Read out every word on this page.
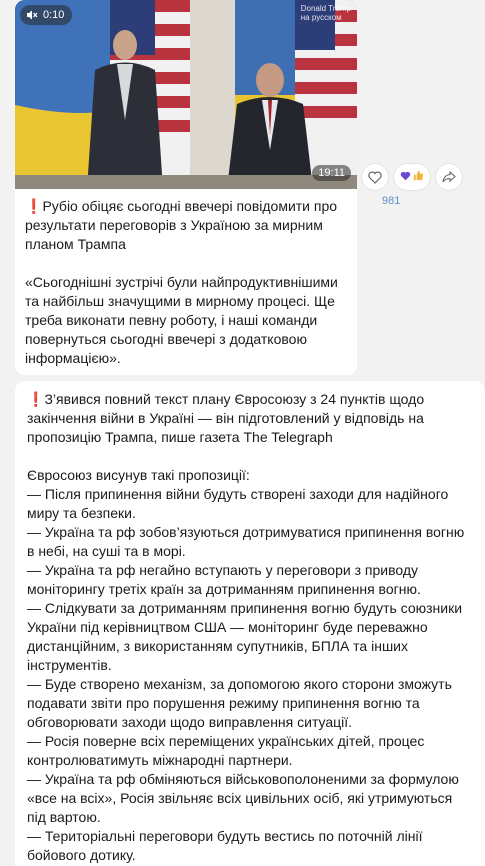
0:10
Donald Trump
на русском
19:11
❗Рубіо обіцяє сьогодні ввечері повідомити про результати переговорів з Україною за мирним планом Трампа

«Сьогоднішні зустрічі були найпродуктивнішими та найбільш значущими в мирному процесі. Ще треба виконати певну роботу, і наші команди повернуться сьогодні ввечері з додатковою інформацією».
981
❗З’явився повний текст плану Євросоюзу з 24 пунктів щодо закінчення війни в Україні — він підготовлений у відповідь на пропозицію Трампа, пише газета The Telegraph

Євросоюз висунув такі пропозиції:
— Після припинення війни будуть створені заходи для надійного миру та безпеки.
— Україна та рф зобов’язуються дотримуватися припинення вогню в небі, на суші та в морі.
— Україна та рф негайно вступають у переговори з приводу моніторингу третіх країн за дотриманням припинення вогню.
— Слідкувати за дотриманням припинення вогню будуть союзники України під керівництвом США — моніторинг буде переважно дистанційним, з використанням супутників, БПЛА та інших інструментів.
— Буде створено механізм, за допомогою якого сторони зможуть подавати звіти про порушення режиму припинення вогню та обговорювати заходи щодо виправлення ситуації.
— Росія поверне всіх переміщених українських дітей, процес контролюватимуть міжнародні партнери.
— Україна та рф обміняються військовополоненими за формулою «все на всіх», Росія звільняє всіх цивільних осіб, які утримуються під вартою.
— Територіальні переговори будуть вестись по поточній лінії бойового дотику.
